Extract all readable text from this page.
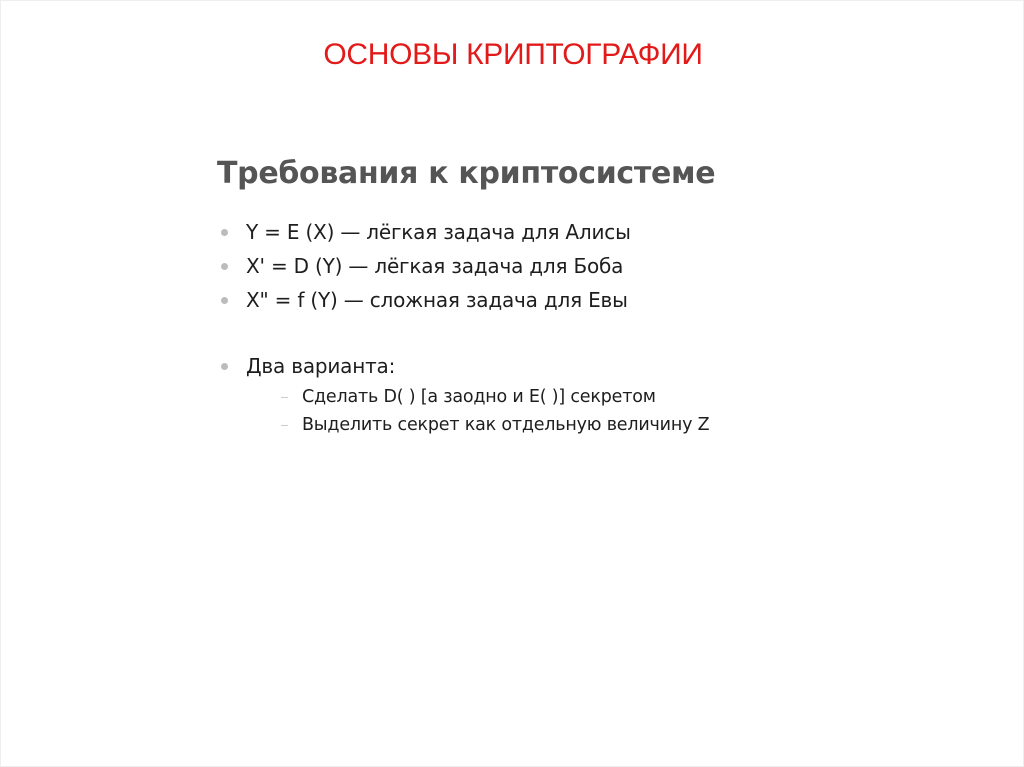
ОСНОВЫ КРИПТОГРАФИИ
Требования к криптосистеме
Y = E (X) — лёгкая задача для Алисы
X' = D (Y) — лёгкая задача для Боба
X" = f (Y) — сложная задача для Евы
Два варианта:
Сделать D( ) [а заодно и E( )] секретом
Выделить секрет как отдельную величину Z
